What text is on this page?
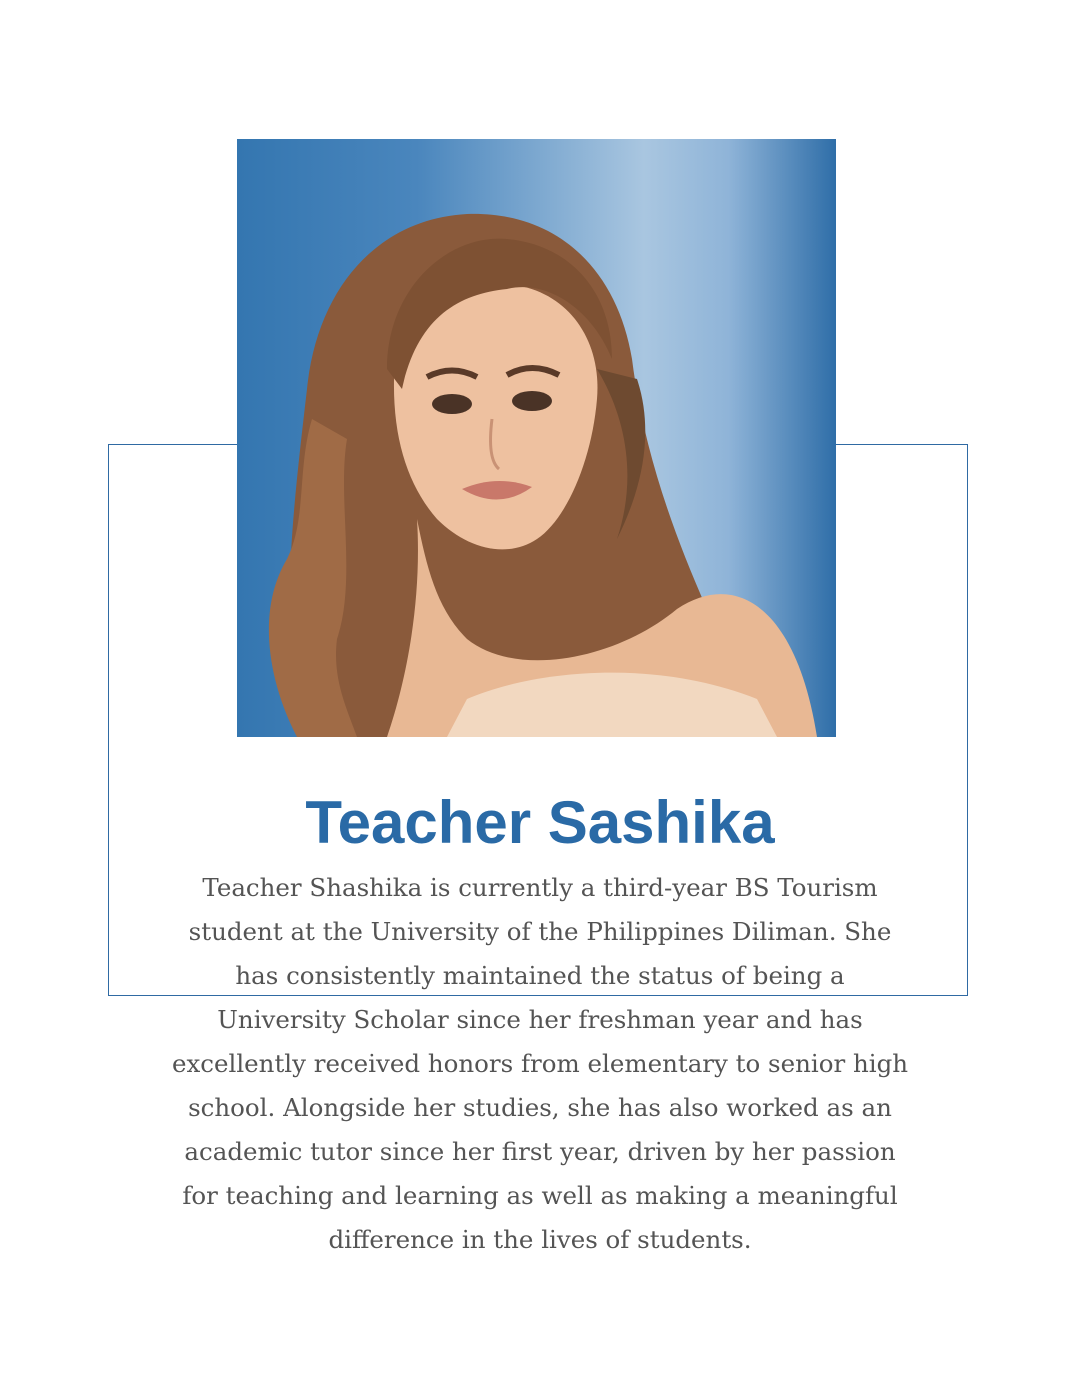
Teacher Sashika

Teacher Shashika is currently a third-year BS Tourism student at the University of the Philippines Diliman. She has consistently maintained the status of being a University Scholar since her freshman year and has excellently received honors from elementary to senior high school. Alongside her studies, she has also worked as an academic tutor since her first year, driven by her passion for teaching and learning as well as making a meaningful difference in the lives of students.
